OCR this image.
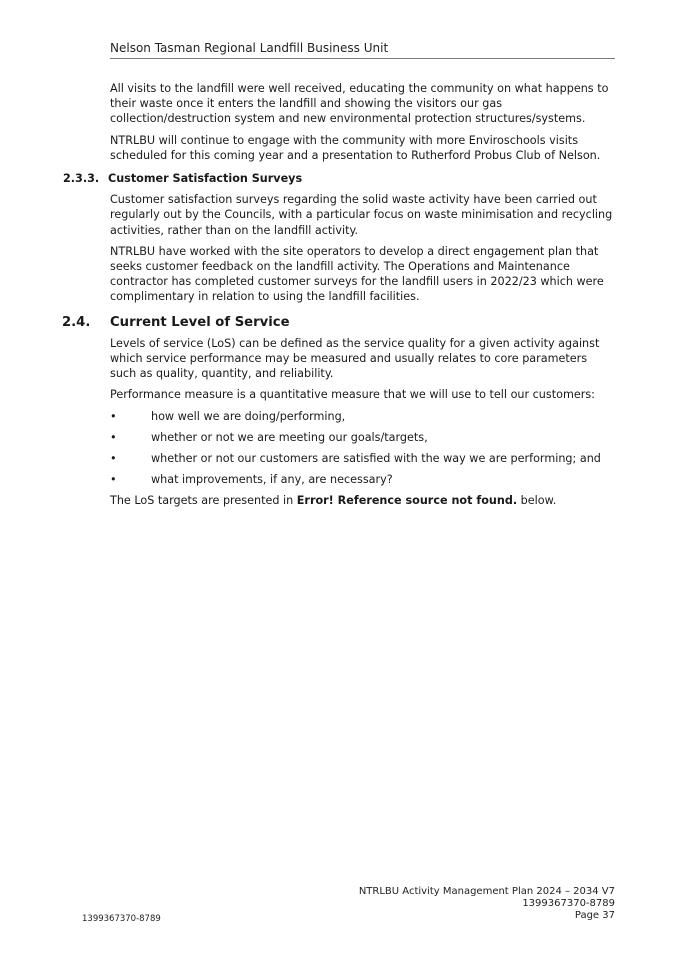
Nelson Tasman Regional Landfill Business Unit

All visits to the landfill were well received, educating the community on what happens to their waste once it enters the landfill and showing the visitors our gas collection/destruction system and new environmental protection structures/systems.

NTRLBU will continue to engage with the community with more Enviroschools visits scheduled for this coming year and a presentation to Rutherford Probus Club of Nelson.

2.3.3. Customer Satisfaction Surveys

Customer satisfaction surveys regarding the solid waste activity have been carried out regularly out by the Councils, with a particular focus on waste minimisation and recycling activities, rather than on the landfill activity.

NTRLBU have worked with the site operators to develop a direct engagement plan that seeks customer feedback on the landfill activity. The Operations and Maintenance contractor has completed customer surveys for the landfill users in 2022/23 which were complimentary in relation to using the landfill facilities.

2.4. Current Level of Service

Levels of service (LoS) can be defined as the service quality for a given activity against which service performance may be measured and usually relates to core parameters such as quality, quantity, and reliability.

Performance measure is a quantitative measure that we will use to tell our customers:

•	how well we are doing/performing,
•	whether or not we are meeting our goals/targets,
•	whether or not our customers are satisfied with the way we are performing; and
•	what improvements, if any, are necessary?

The LoS targets are presented in Error! Reference source not found. below.

NTRLBU Activity Management Plan 2024 – 2034 V7
1399367370-8789
Page 37
1399367370-8789
